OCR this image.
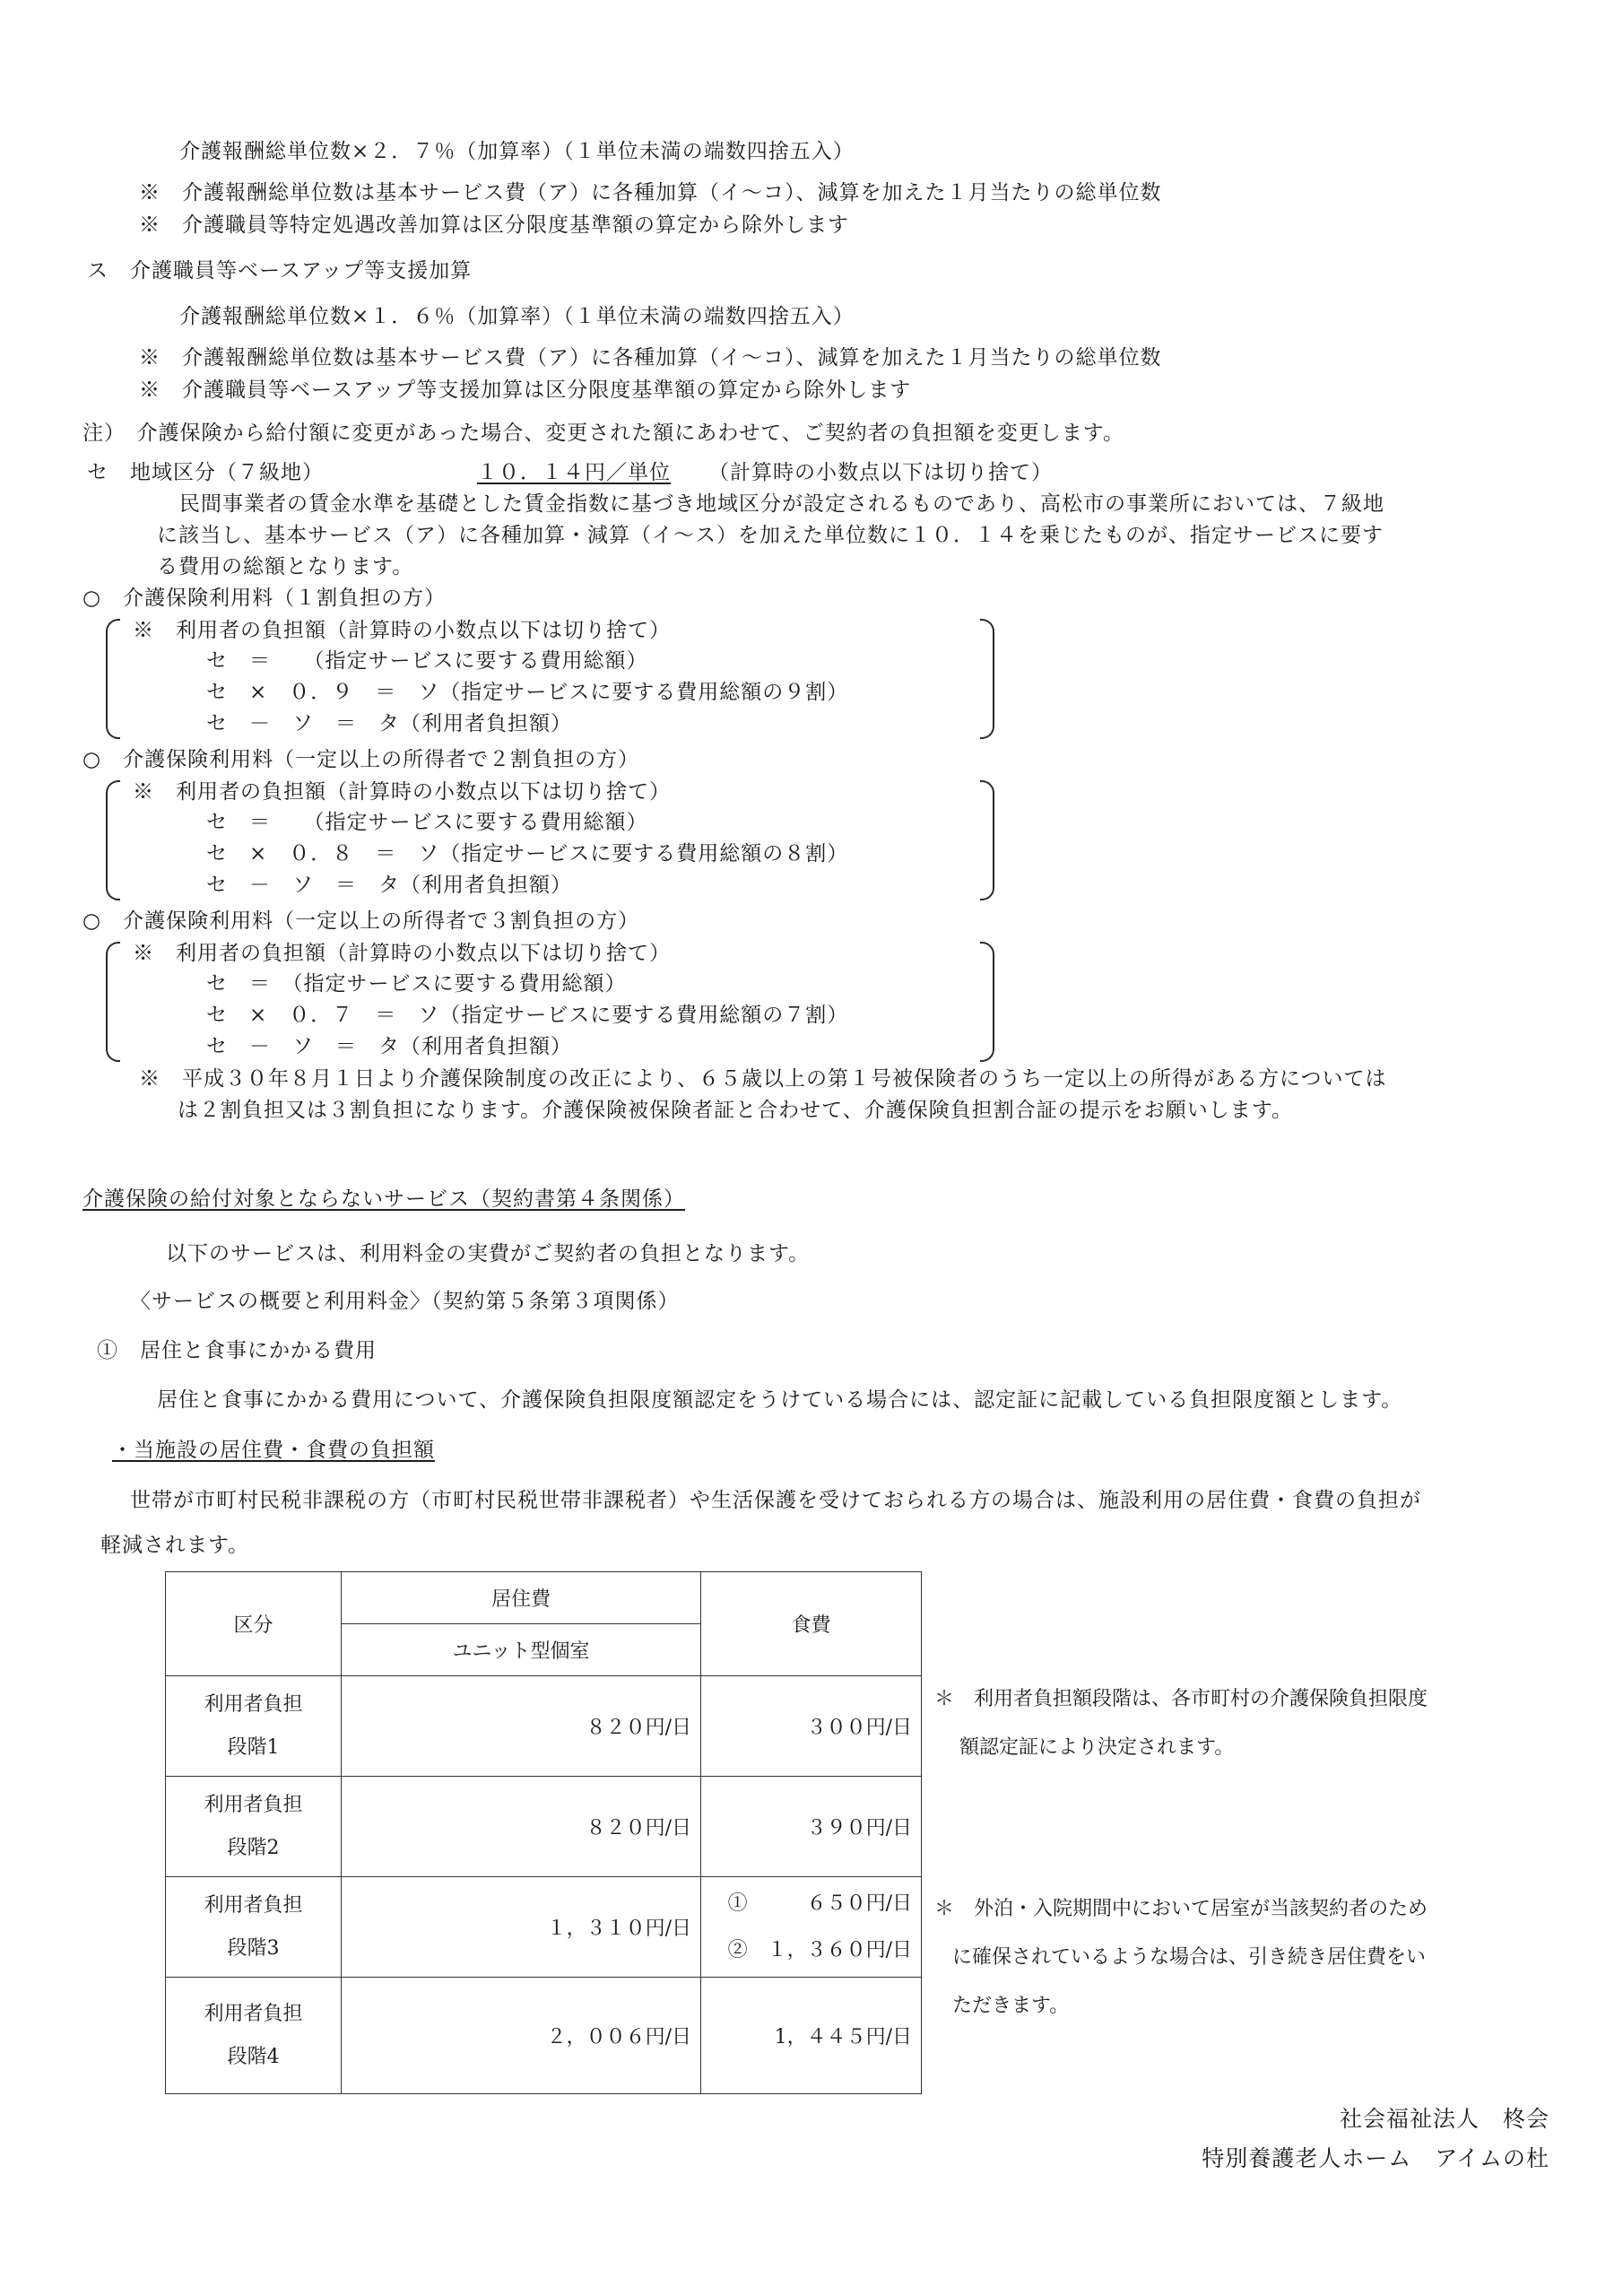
介護報酬総単位数×２．７％（加算率）（１単位未満の端数四捨五入）
※　介護報酬総単位数は基本サービス費（ア）に各種加算（イ～コ）、減算を加えた１月当たりの総単位数
※　介護職員等特定処遇改善加算は区分限度基準額の算定から除外します
ス　介護職員等ベースアップ等支援加算
介護報酬総単位数×１．６％（加算率）（１単位未満の端数四捨五入）
※　介護報酬総単位数は基本サービス費（ア）に各種加算（イ～コ）、減算を加えた１月当たりの総単位数
※　介護職員等ベースアップ等支援加算は区分限度基準額の算定から除外します
注）　介護保険から給付額に変更があった場合、変更された額にあわせて、ご契約者の負担額を変更します。
セ　地域区分（７級地）	１０．１４円／単位 （計算時の小数点以下は切り捨て）
民間事業者の賃金水準を基礎とした賃金指数に基づき地域区分が設定されるものであり、高松市の事業所においては、７級地
に該当し、基本サービス（ア）に各種加算・減算（イ～ス）を加えた単位数に１０．１４を乗じたものが、指定サービスに要す
る費用の総額となります。
○　介護保険利用料（１割負担の方）
※　利用者の負担額（計算時の小数点以下は切り捨て）
セ　＝　　（指定サービスに要する費用総額）
セ　×　０．９　＝　ソ（指定サービスに要する費用総額の９割）
セ　－　ソ　＝　タ（利用者負担額）
○　介護保険利用料（一定以上の所得者で２割負担の方）
※　利用者の負担額（計算時の小数点以下は切り捨て）
セ　＝　　（指定サービスに要する費用総額）
セ　×　０．８　＝　ソ（指定サービスに要する費用総額の８割）
セ　－　ソ　＝　タ（利用者負担額）
○　介護保険利用料（一定以上の所得者で３割負担の方）
※　利用者の負担額（計算時の小数点以下は切り捨て）
セ　＝　（指定サービスに要する費用総額）
セ　×　０．７　＝　ソ（指定サービスに要する費用総額の７割）
セ　－　ソ　＝　タ（利用者負担額）
※　平成３０年８月１日より介護保険制度の改正により、６５歳以上の第１号被保険者のうち一定以上の所得がある方については
は２割負担又は３割負担になります。介護保険被保険者証と合わせて、介護保険負担割合証の提示をお願いします。
介護保険の給付対象とならないサービス（契約書第４条関係）
以下のサービスは、利用料金の実費がご契約者の負担となります。
〈サービスの概要と利用料金〉（契約第５条第３項関係）
①　居住と食事にかかる費用
居住と食事にかかる費用について、介護保険負担限度額認定をうけている場合には、認定証に記載している負担限度額とします。
・当施設の居住費・食費の負担額
世帯が市町村民税非課税の方（市町村民税世帯非課税者）や生活保護を受けておられる方の場合は、施設利用の居住費・食費の負担が
軽減されます。
区分	居住費	食費
	ユニット型個室	
利用者負担
段階1	８２０円/日	３００円/日
利用者負担
段階2	８２０円/日	３９０円/日
利用者負担
段階3	１，３１０円/日	①　　　６５０円/日
②　１，３６０円/日
利用者負担
段階4	２，００６円/日	1，４４５円/日
＊　利用者負担額段階は、各市町村の介護保険負担限度
額認定証により決定されます。
＊　外泊・入院期間中において居室が当該契約者のため
に確保されているような場合は、引き続き居住費をい
ただきます。
社会福祉法人　柊会
特別養護老人ホーム　アイムの杜
